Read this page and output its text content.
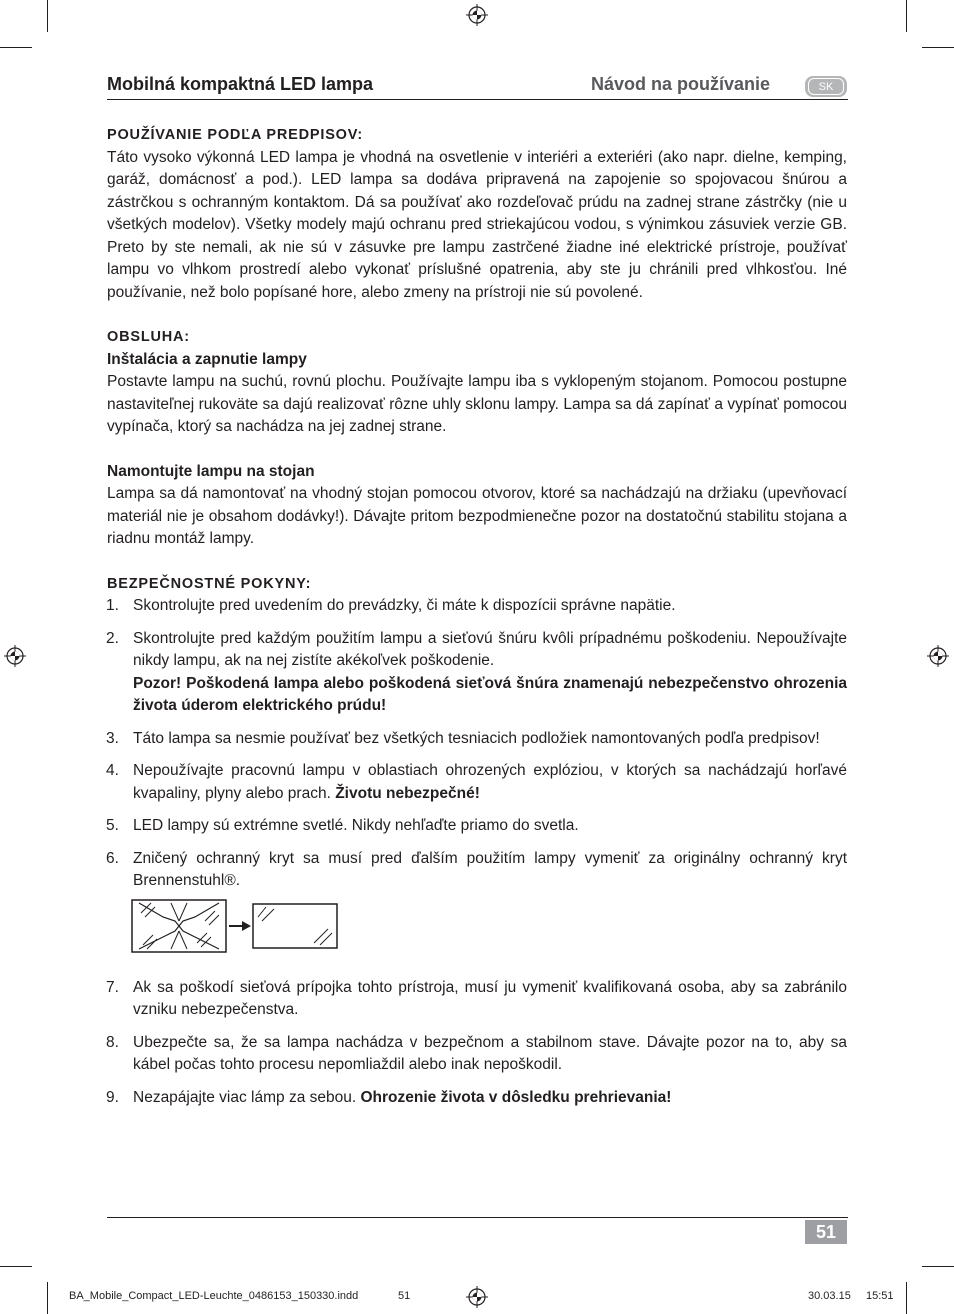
Mobilná kompaktná LED lampa	Návod na používanie	SK
POUŽÍVANIE PODĽA PREDPISOV:

Táto vysoko výkonná LED lampa je vhodná na osvetlenie v interiéri a exteriéri (ako napr. dielne, kemping, garáž, domácnosť a pod.). LED lampa sa dodáva pripravená na zapojenie so spojovacou šnúrou a zástrčkou s ochranným kontaktom. Dá sa používať ako rozdeľovač prúdu na zadnej strane zástrčky (nie u všetkých modelov). Všetky modely majú ochranu pred striekajúcou vodou, s výnimkou zásuviek verzie GB. Preto by ste nemali, ak nie sú v zásuvke pre lampu zastrčené žiadne iné elektrické prístroje, používať lampu vo vlhkom prostredí alebo vykonať príslušné opatrenia, aby ste ju chránili pred vlhkosťou. Iné používanie, než bolo popísané hore, alebo zmeny na prístroji nie sú povolené.

OBSLUHA:
Inštalácia a zapnutie lampy

Postavte lampu na suchú, rovnú plochu. Používajte lampu iba s vyklopeným stojanom. Pomocou postupne nastaviteľnej rukoväte sa dajú realizovať rôzne uhly sklonu lampy. Lampa sa dá zapínať a vypínať pomocou vypínača, ktorý sa nachádza na jej zadnej strane.

Namontujte lampu na stojan

Lampa sa dá namontovať na vhodný stojan pomocou otvorov, ktoré sa nachádzajú na držiaku (upevňovací materiál nie je obsahom dodávky!). Dávajte pritom bezpodmienečne pozor na dostatočnú stabilitu stojana a riadnu montáž lampy.

BEZPEČNOSTNÉ POKYNY:
1. Skontrolujte pred uvedením do prevádzky, či máte k dispozícii správne napätie.
2. Skontrolujte pred každým použitím lampu a sieťovú šnúru kvôli prípadnému poškodeniu. Nepoužívajte nikdy lampu, ak na nej zistíte akékoľvek poškodenie.
Pozor! Poškodená lampa alebo poškodená sieťová šnúra znamenajú nebezpečenstvo ohrozenia života úderom elektrického prúdu!
3. Táto lampa sa nesmie používať bez všetkých tesniacich podložiek namontovaných podľa predpisov!
4. Nepoužívajte pracovnú lampu v oblastiach ohrozených explóziou, v ktorých sa nachádzajú horľavé kvapaliny, plyny alebo prach. Životu nebezpečné!
5. LED lampy sú extrémne svetlé. Nikdy nehľaďte priamo do svetla.
6. Zničený ochranný kryt sa musí pred ďalším použitím lampy vymeniť za originálny ochranný kryt Brennenstuhl®.
7. Ak sa poškodí sieťová prípojka tohto prístroja, musí ju vymeniť kvalifikovaná osoba, aby sa zabránilo vzniku nebezpečenstva.
8. Ubezpečte sa, že sa lampa nachádza v bezpečnom a stabilnom stave. Dávajte pozor na to, aby sa kábel počas tohto procesu nepomliaždil alebo inak nepoškodil.
9. Nezapájajte viac lámp za sebou. Ohrozenie života v dôsledku prehrievania!
51
BA_Mobile_Compact_LED-Leuchte_0486153_150330.indd	51	30.03.15 15:51
